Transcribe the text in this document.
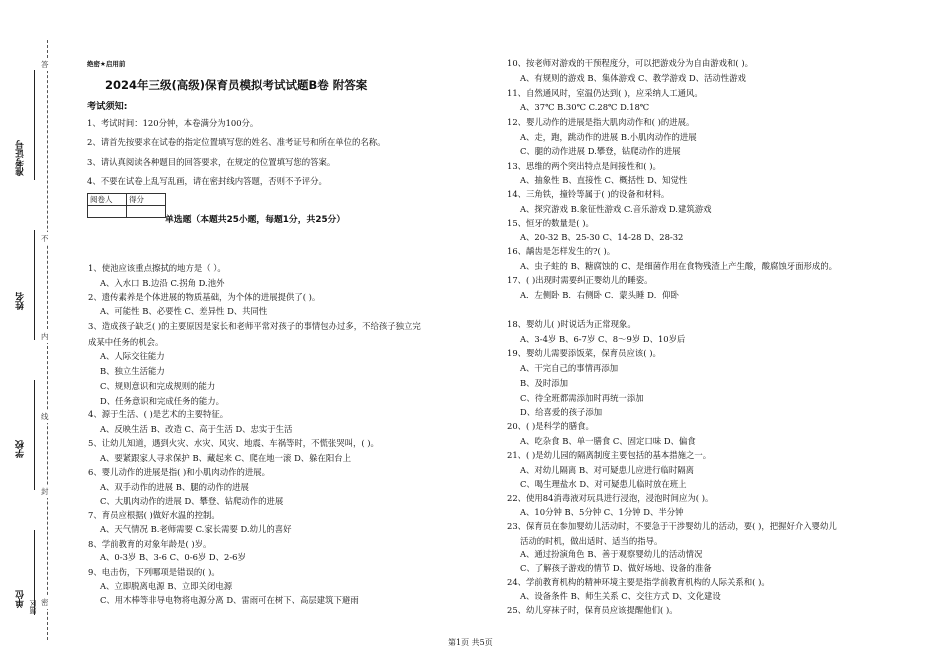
答
不
内
线
封
密
准考证号
姓名
学校
单位 题区
绝密★启用前
2024年三级(高级)保育员模拟考试试题B卷 附答案
考试须知:
1、考试时间：120分钟，本卷满分为100分。
2、请首先按要求在试卷的指定位置填写您的姓名、准考证号和所在单位的名称。
3、请认真阅读各种题目的回答要求，在规定的位置填写您的答案。
4、不要在试卷上乱写乱画，请在密封线内答题，否则不予评分。
阅卷人	得分

单选题（本题共25小题，每题1分，共25分）
1、使池应该重点擦拭的地方是（ ）。
A、入水口 B.边沿 C.拐角 D.池外
2、遗传素养是个体进展的物质基础，为个体的进展提供了( )。
A、可能性 B、必要性 C、差异性 D、共同性
3、造成孩子缺乏( )的主要原因是家长和老师平常对孩子的事情包办过多，不给孩子独立完
成某中任务的机会。
A、人际交往能力
B、独立生活能力
C、规则意识和完成规则的能力
D、任务意识和完成任务的能力。
4、源于生活、( )是艺术的主要特征。
A、反映生活 B、改造 C、高于生活 D、忠实于生活
5、让幼儿知道，遇到火灾、水灾、风灾、地震、车祸等时，不慌张哭叫，( )。
A、要紧跟家人寻求保护 B、藏起来 C、爬在地一滚 D、躲在阳台上
6、婴儿动作的进展是指( )和小肌肉动作的进展。
A、双手动作的进展 B、腿的动作的进展
C、大肌肉动作的进展 D、攀登、钻爬动作的进展
7、育员应根据( )做好水温的控制。
A、天气情况 B.老师需要 C.家长需要 D.幼儿的喜好
8、学前教育的对象年龄是( )岁。
A、0-3岁 B、3-6 C、0-6岁 D、2-6岁
9、电击伤，下列哪项是错误的( )。
A、立即脱离电源 B、立即关闭电源
C、用木棒等非导电物将电源分离 D、雷雨可在树下、高层建筑下避雨
10、按老师对游戏的干预程度分，可以把游戏分为自由游戏和( )。
A、有规则的游戏 B、集体游戏 C、教学游戏 D、活动性游戏
11、自然通风时，室温仍达到( )，应采纳人工通风。
A、37℃ B.30℃ C.28℃ D.18℃
12、婴儿动作的进展是指大肌肉动作和( )的进展。
A、走，跑，跳动作的进展 B.小肌肉动作的进展
C、腿的动作进展 D.攀登，钻爬动作的进展
13、思维的两个突出特点是间接性和( )。
A、抽象性 B、直接性 C、概括性 D、知觉性
14、三角铁，撞铃等属于( )的设备和材料。
A、探究游戏 B.象征性游戏 C.音乐游戏 D.建筑游戏
15、恒牙的数量是( )。
A、20-32 B、25-30 C、14-28 D、28-32
16、龋齿是怎样发生的?( )。
A、虫子蛀的 B、糖腐蚀的 C、是细菌作用在食物残渣上产生酸，酸腐蚀牙面形成的。
17、( )出现时需要纠正婴幼儿的睡姿。
A．左侧卧 B．右侧卧 C．蒙头睡 D．仰卧
18、婴幼儿( )时说话为正常现象。
A、3-4岁 B、6-7岁 C、8～9岁 D、10岁后
19、婴幼儿需要添饭菜，保育员应该( )。
A、干完自己的事情再添加
B、及时添加
C、待全班都需添加时再统一添加
D、给喜爱的孩子添加
20、( )是科学的膳食。
A、吃杂食 B、单一膳食 C、固定口味 D、偏食
21、( )是幼儿园的隔离制度主要包括的基本措施之一。
A、对幼儿隔离 B、对可疑患儿应进行临时隔离
C、喝生理盐水 D、对可疑患儿临时放在班上
22、使用84消毒液对玩具进行浸泡，浸泡时间应为( )。
A、10分钟 B、5分钟 C、1分钟 D、半分钟
23、保育员在参加婴幼儿活动时，不要急于干涉婴幼儿的活动，要( )，把握好介入婴幼儿
活动的时机，做出适时、适当的指导。
A、通过扮演角色 B、善于观察婴幼儿的活动情况
C、了解孩子游戏的情节 D、做好场地、设备的准备
24、学前教育机构的精神环境主要是指学前教育机构的人际关系和( )。
A、设备条件 B、师生关系 C、交往方式 D、文化建设
25、幼儿穿袜子时，保育员应该提醒他们( )。
第1页 共5页
